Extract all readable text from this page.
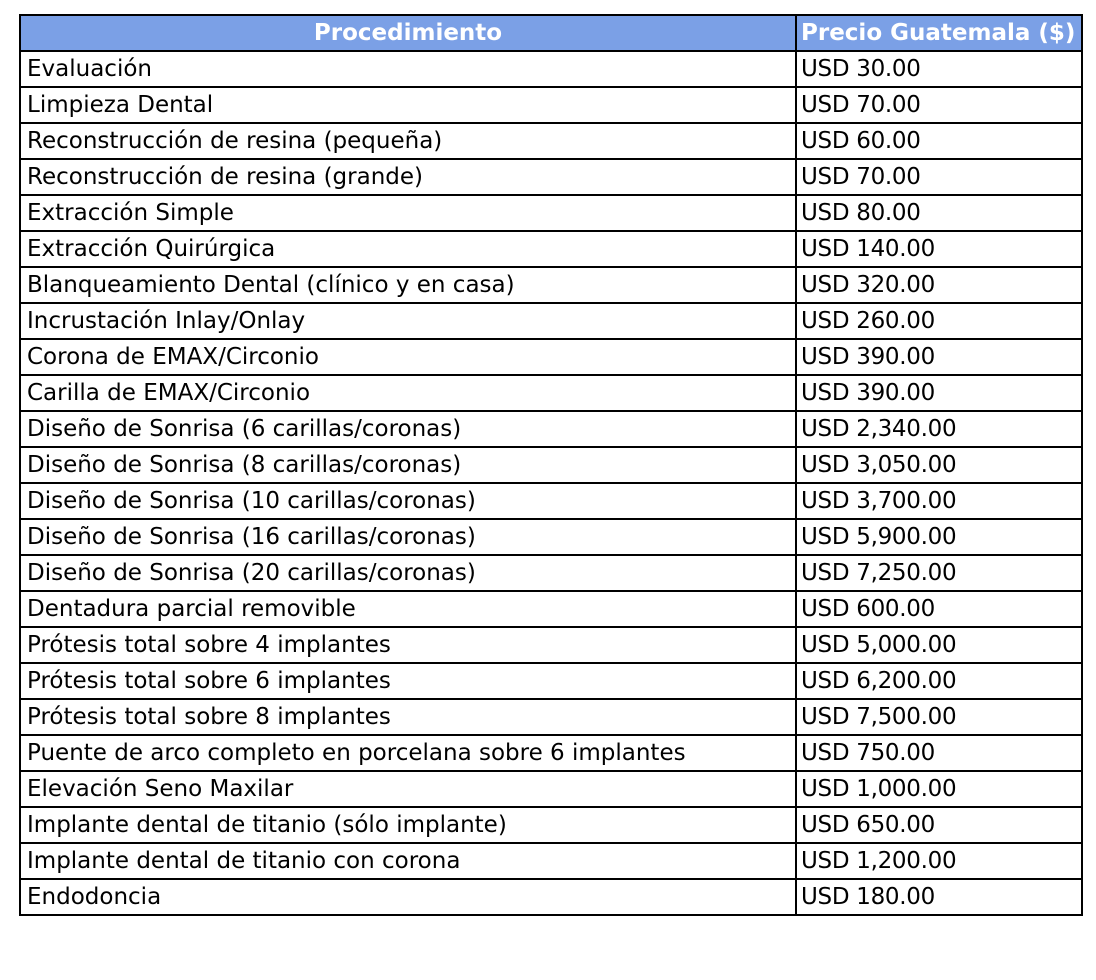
Procedimiento	Precio Guatemala ($)
Evaluación	USD 30.00
Limpieza Dental	USD 70.00
Reconstrucción de resina (pequeña)	USD 60.00
Reconstrucción de resina (grande)	USD 70.00
Extracción Simple	USD 80.00
Extracción Quirúrgica	USD 140.00
Blanqueamiento Dental (clínico y en casa)	USD 320.00
Incrustación Inlay/Onlay	USD 260.00
Corona de EMAX/Circonio	USD 390.00
Carilla de EMAX/Circonio	USD 390.00
Diseño de Sonrisa (6 carillas/coronas)	USD 2,340.00
Diseño de Sonrisa (8 carillas/coronas)	USD 3,050.00
Diseño de Sonrisa (10 carillas/coronas)	USD 3,700.00
Diseño de Sonrisa (16 carillas/coronas)	USD 5,900.00
Diseño de Sonrisa (20 carillas/coronas)	USD 7,250.00
Dentadura parcial removible	USD 600.00
Prótesis total sobre 4 implantes	USD 5,000.00
Prótesis total sobre 6 implantes	USD 6,200.00
Prótesis total sobre 8 implantes	USD 7,500.00
Puente de arco completo en porcelana sobre 6 implantes	USD 750.00
Elevación Seno Maxilar	USD 1,000.00
Implante dental de titanio (sólo implante)	USD 650.00
Implante dental de titanio con corona	USD 1,200.00
Endodoncia	USD 180.00
